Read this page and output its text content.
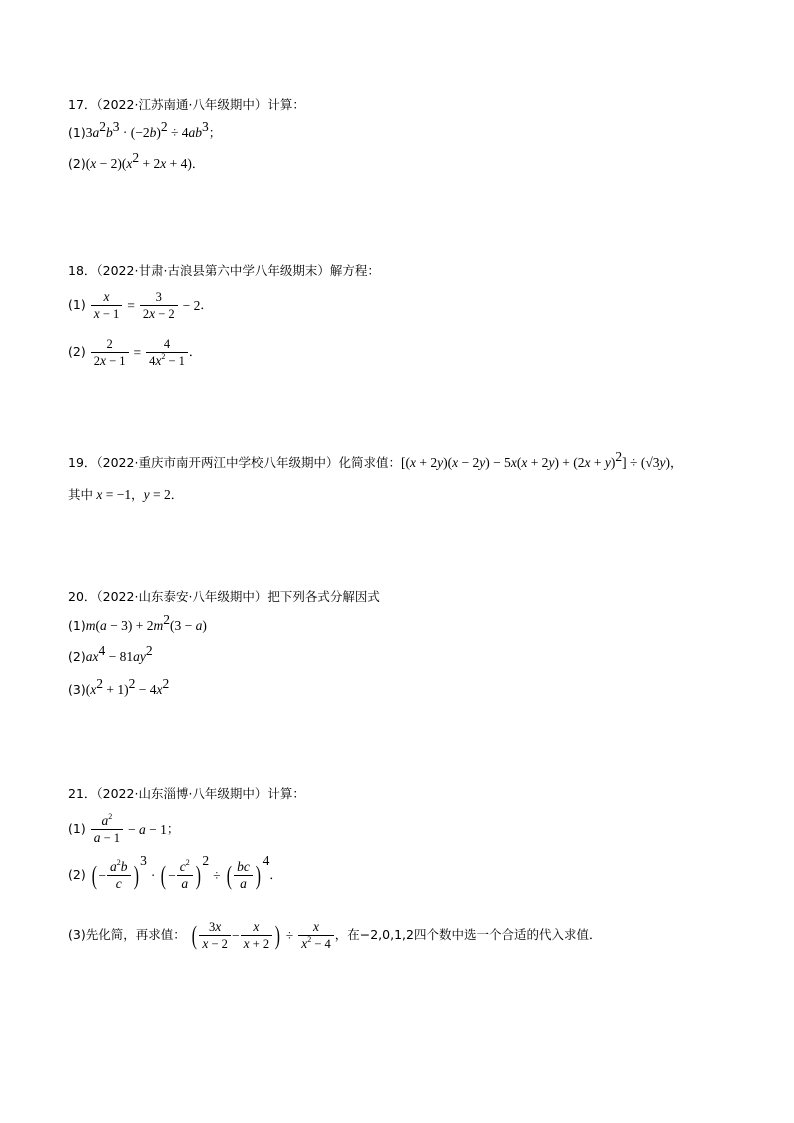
17．（2022·江苏南通·八年级期中）计算：
$(1)3a^2b^3 \cdot (-2b)^2 \div 4ab^3$；
$(2)(x - 2)(x^2 + 2x + 4)$．
18．（2022·甘肃·古浪县第六中学八年级期末）解方程：
$(1) \frac{x}{x - 1} = \frac{3}{2x - 2} - 2$．
$(2) \frac{2}{2x - 1} = \frac{4}{4x^2 - 1}$ ．
19．（2022·重庆市南开两江中学校八年级期中）化简求值：$[(x + 2y)(x - 2y) - 5x(x + 2y) + (2x + y)^2] \div (√3y)$，
其中 x = −1，y = 2．
20．（2022·山东泰安·八年级期中）把下列各式分解因式
$(1)m(a - 3) + 2m^2(3 - a)$
$(2)ax^4 - 81ay^2$
$(3)(x^2 + 1)^2 - 4x^2$
21．（2022·山东淄博·八年级期中）计算：
$(1) \frac{a^2}{a - 1} - a - 1$；
(2) ( − $\frac{a^2b}{c}$ ) $^3$ · ( − $\frac{c^2}{a}$ ) $^2$ ÷ ( $\frac{bc}{a}$ ) $^4$．
(3)先化简，再求值： ( $\frac{3x}{x - 2} - \frac{x}{x + 2}$ ) ÷ $\frac{x}{x^2 - 4}$ ，在−2,0,1,2四个数中选一个合适的代入求值．
